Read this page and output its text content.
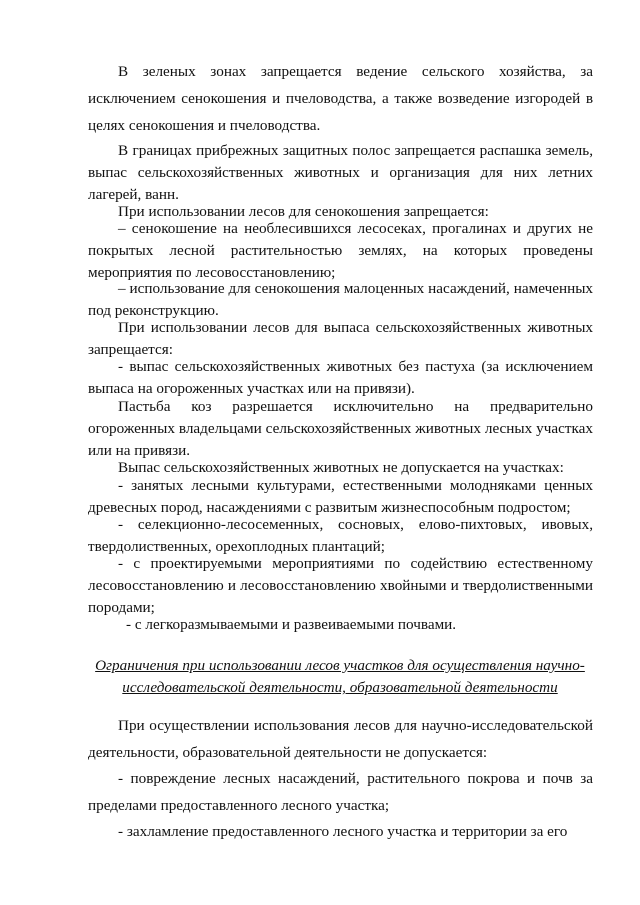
В зеленых зонах запрещается ведение сельского хозяйства, за исключением сенокошения и пчеловодства, а также возведение изгородей в целях сенокошения и пчеловодства.

В границах прибрежных защитных полос запрещается распашка земель, выпас сельскохозяйственных животных и организация для них летних лагерей, ванн.

При использовании лесов для сенокошения запрещается:

– сенокошение на необлесившихся лесосеках, прогалинах и других не покрытых лесной растительностью землях, на которых проведены мероприятия по лесовосстановлению;

– использование для сенокошения малоценных насаждений, намеченных под реконструкцию.

При использовании лесов для выпаса сельскохозяйственных животных запрещается:

- выпас сельскохозяйственных животных без пастуха (за исключением выпаса на огороженных участках или на привязи).

Пастьба коз разрешается исключительно на предварительно огороженных владельцами сельскохозяйственных животных лесных участках или на привязи.

Выпас сельскохозяйственных животных не допускается на участках:

- занятых лесными культурами, естественными молодняками ценных древесных пород, насаждениями с развитым жизнеспособным подростом;

- селекционно-лесосеменных, сосновых, елово-пихтовых, ивовых, твердолиственных, орехоплодных плантаций;

- с проектируемыми мероприятиями по содействию естественному лесовосстановлению и лесовосстановлению хвойными и твердолиственными породами;

- с легкоразмываемыми и развеиваемыми почвами.

Ограничения при использовании лесов участков для осуществления научно-исследовательской деятельности, образовательной деятельности

При осуществлении использования лесов для научно-исследовательской деятельности, образовательной деятельности не допускается:

- повреждение лесных насаждений, растительного покрова и почв за пределами предоставленного лесного участка;

- захламление предоставленного лесного участка и территории за его
